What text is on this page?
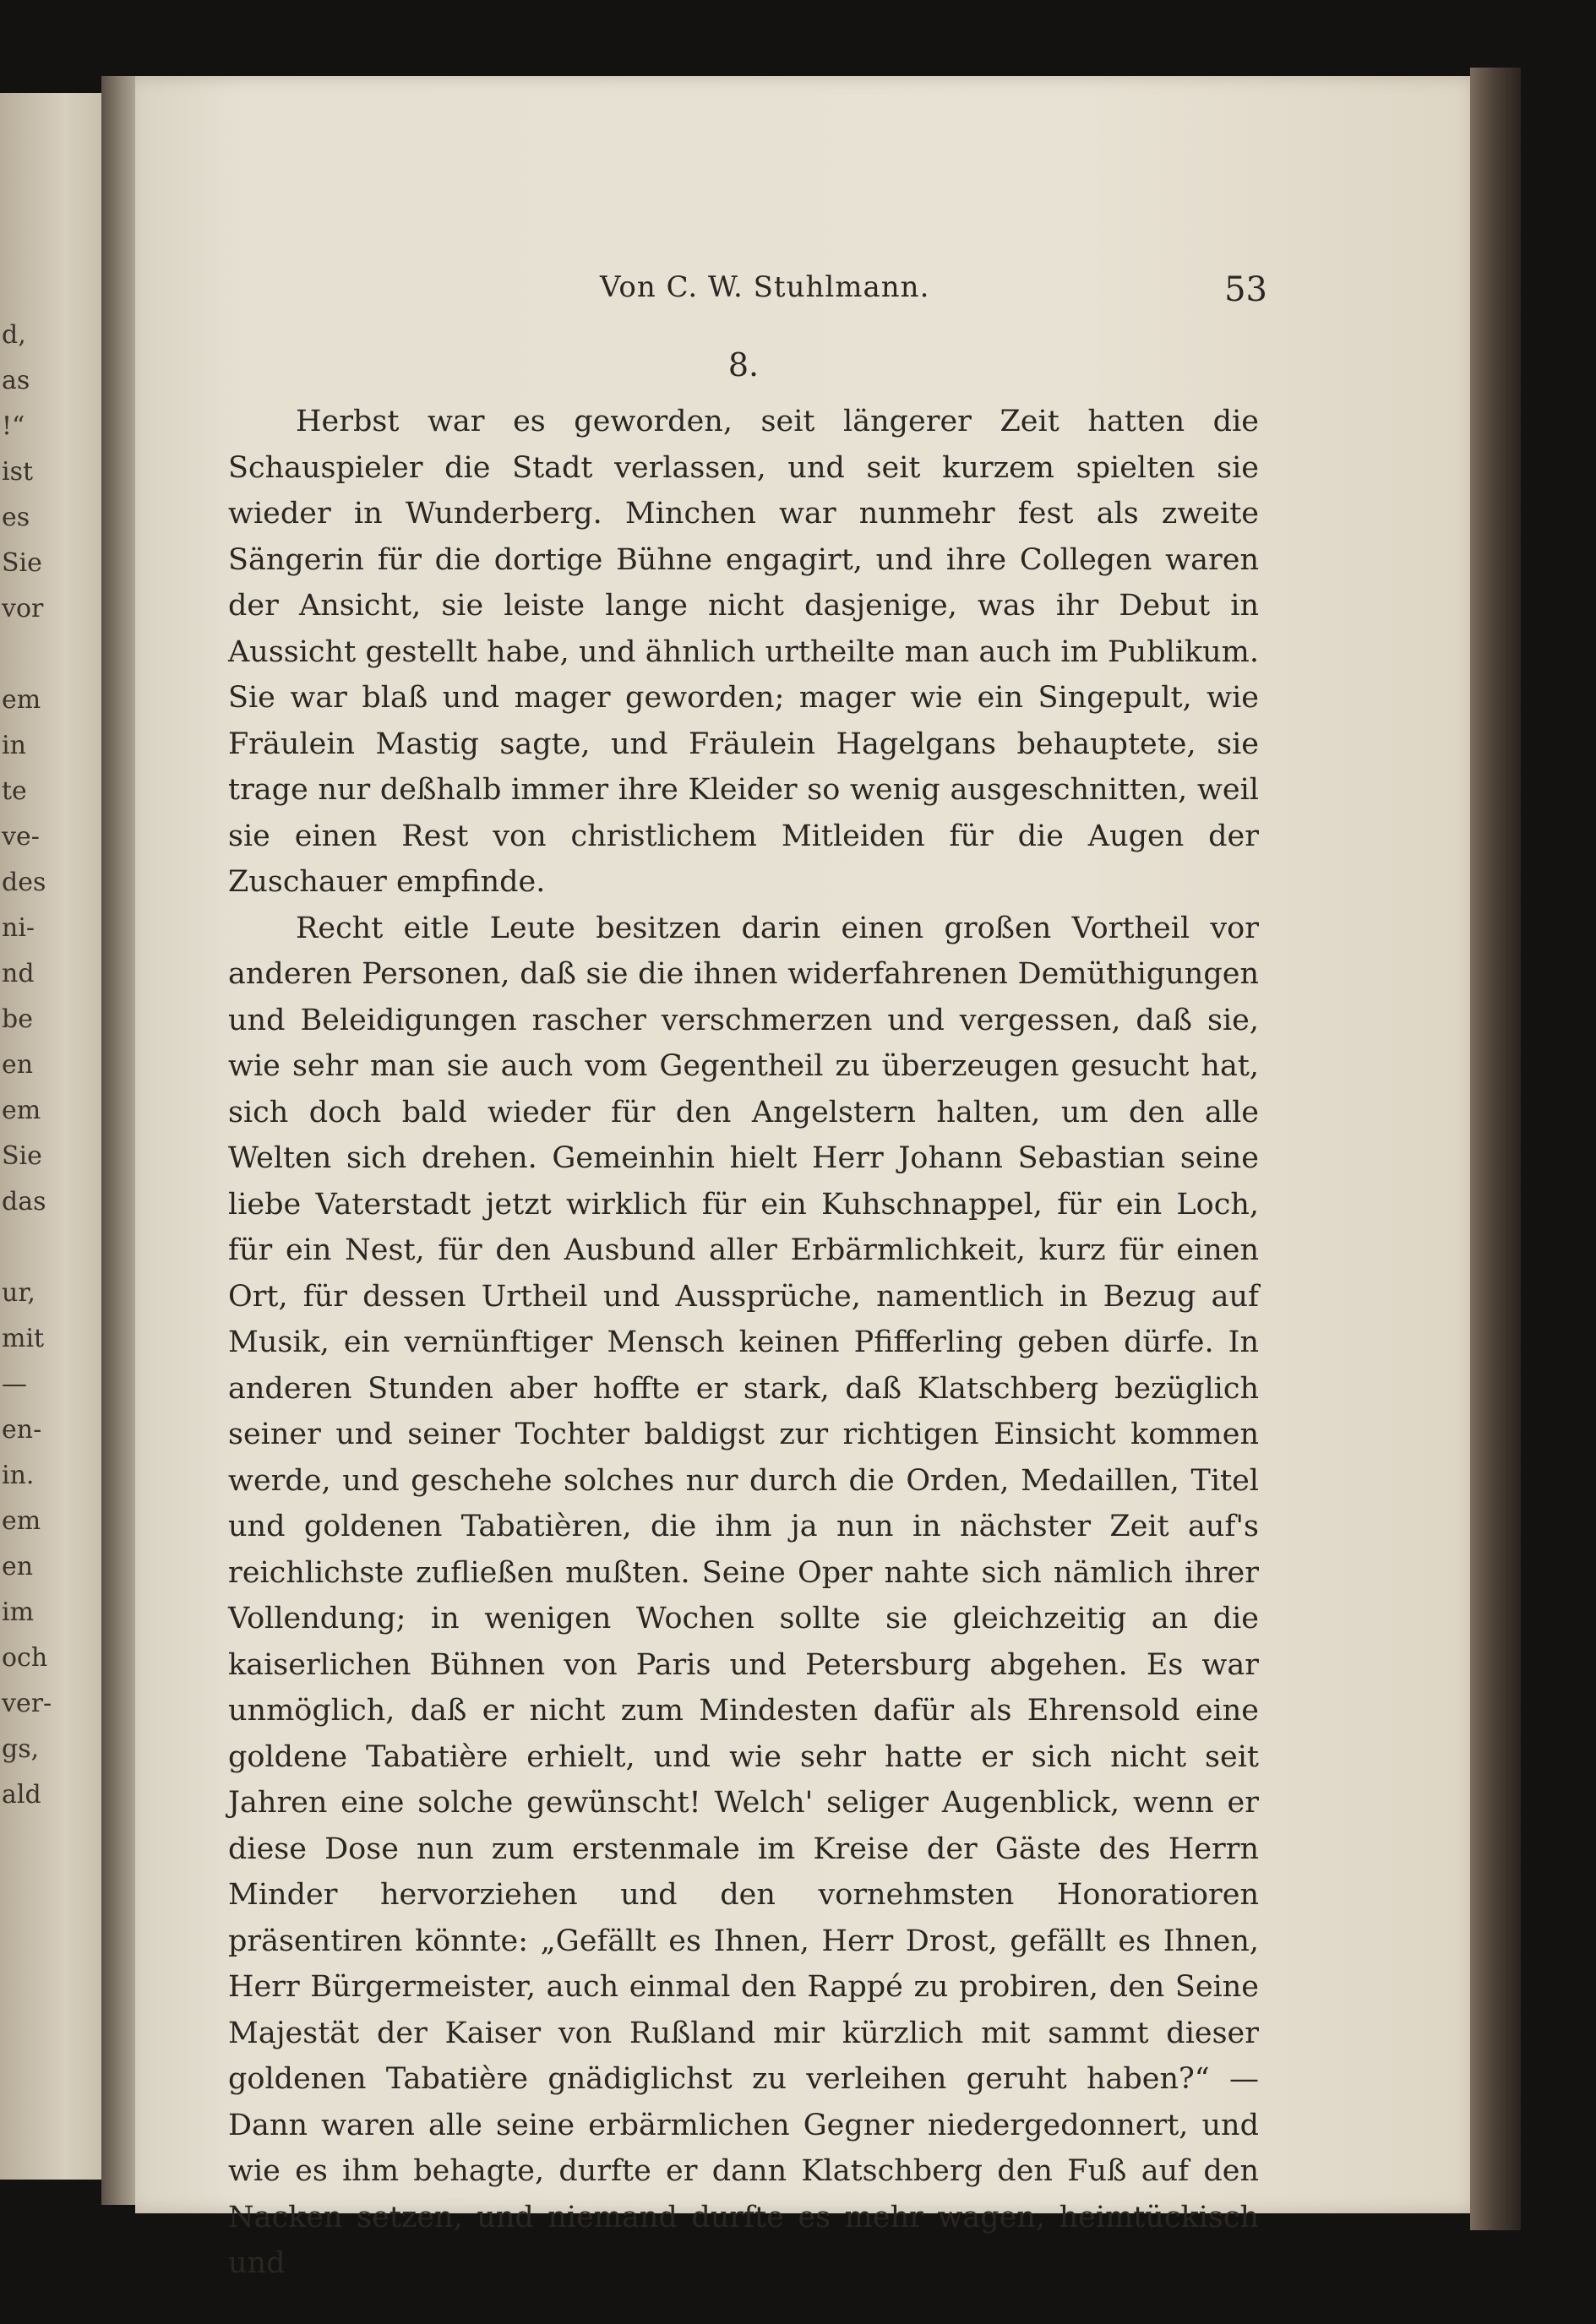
d,
as
!“
ist
es
Sie
vor
em
in
te
ve-
des
ni-
nd
be
en
em
Sie
das
ur,
mit
—
en-
in.
em
en
im
och
ver-
gs,
ald
Von C. W. Stuhlmann.	53
8.

Herbst war es geworden, seit längerer Zeit hatten die Schauspieler die Stadt verlassen, und seit kurzem spielten sie wieder in Wunderberg. Minchen war nunmehr fest als zweite Sängerin für die dortige Bühne engagirt, und ihre Collegen waren der Ansicht, sie leiste lange nicht dasjenige, was ihr Debut in Aussicht gestellt habe, und ähnlich urtheilte man auch im Publikum. Sie war blaß und mager geworden; mager wie ein Singepult, wie Fräulein Mastig sagte, und Fräulein Hagelgans behauptete, sie trage nur deßhalb immer ihre Kleider so wenig ausgeschnitten, weil sie einen Rest von christlichem Mitleiden für die Augen der Zuschauer empfinde.

Recht eitle Leute besitzen darin einen großen Vortheil vor anderen Personen, daß sie die ihnen widerfahrenen Demüthigungen und Beleidigungen rascher verschmerzen und vergessen, daß sie, wie sehr man sie auch vom Gegentheil zu überzeugen gesucht hat, sich doch bald wieder für den Angelstern halten, um den alle Welten sich drehen. Gemeinhin hielt Herr Johann Sebastian seine liebe Vaterstadt jetzt wirklich für ein Kuhschnappel, für ein Loch, für ein Nest, für den Ausbund aller Erbärmlichkeit, kurz für einen Ort, für dessen Urtheil und Aussprüche, namentlich in Bezug auf Musik, ein vernünftiger Mensch keinen Pfifferling geben dürfe. In anderen Stunden aber hoffte er stark, daß Klatschberg bezüglich seiner und seiner Tochter baldigst zur richtigen Einsicht kommen werde, und geschehe solches nur durch die Orden, Medaillen, Titel und goldenen Tabatièren, die ihm ja nun in nächster Zeit auf's reichlichste zufließen mußten. Seine Oper nahte sich nämlich ihrer Vollendung; in wenigen Wochen sollte sie gleichzeitig an die kaiserlichen Bühnen von Paris und Petersburg abgehen. Es war unmöglich, daß er nicht zum Mindesten dafür als Ehrensold eine goldene Tabatière erhielt, und wie sehr hatte er sich nicht seit Jahren eine solche gewünscht! Welch' seliger Augenblick, wenn er diese Dose nun zum erstenmale im Kreise der Gäste des Herrn Minder hervorziehen und den vornehmsten Honoratioren präsentiren könnte: „Gefällt es Ihnen, Herr Drost, gefällt es Ihnen, Herr Bürgermeister, auch einmal den Rappé zu probiren, den Seine Majestät der Kaiser von Rußland mir kürzlich mit sammt dieser goldenen Tabatière gnädiglichst zu verleihen geruht haben?“ — Dann waren alle seine erbärmlichen Gegner niedergedonnert, und wie es ihm behagte, durfte er dann Klatschberg den Fuß auf den Nacken setzen, und niemand durfte es mehr wagen, heimtückisch und
